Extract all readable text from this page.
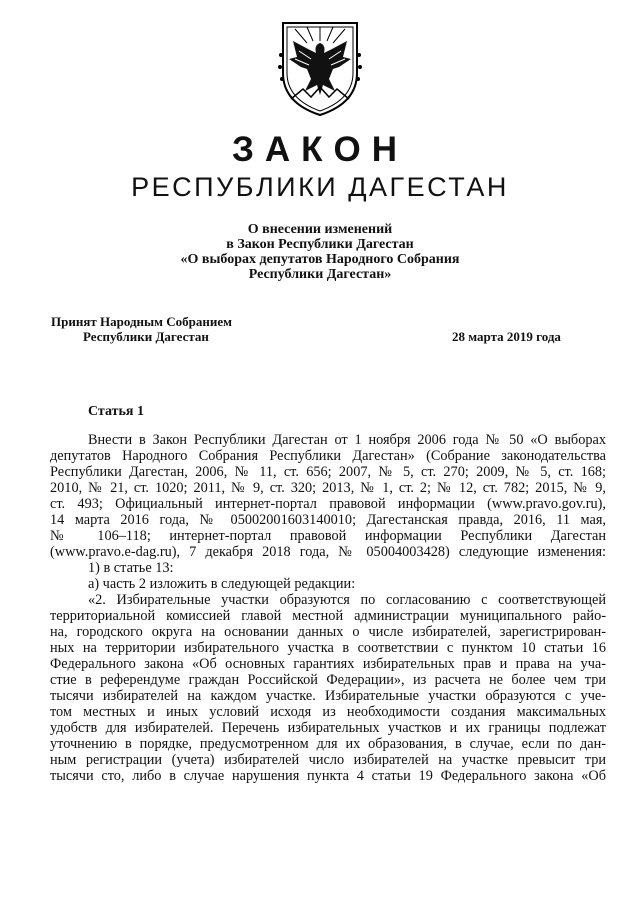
ЗАКОН
РЕСПУБЛИКИ ДАГЕСТАН
О внесении изменений
в Закон Республики Дагестан
«О выборах депутатов Народного Собрания
Республики Дагестан»
Принят Народным Собранием
Республики Дагестан	28 марта 2019 года
Статья 1
Внести в Закон Республики Дагестан от 1 ноября 2006 года № 50 «О выборах
депутатов Народного Собрания Республики Дагестан» (Собрание законодательства
Республики Дагестан, 2006, № 11, ст. 656; 2007, № 5, ст. 270; 2009, № 5, ст. 168;
2010, № 21, ст. 1020; 2011, № 9, ст. 320; 2013, № 1, ст. 2; № 12, ст. 782; 2015, № 9,
ст. 493; Официальный интернет-портал правовой информации (www.pravo.gov.ru),
14 марта 2016 года, № 05002001603140010; Дагестанская правда, 2016, 11 мая,
№ 106–118; интернет-портал правовой информации Республики Дагестан
(www.pravo.e-dag.ru), 7 декабря 2018 года, № 05004003428) следующие изменения:
1) в статье 13:
а) часть 2 изложить в следующей редакции:
«2. Избирательные участки образуются по согласованию с соответствующей
территориальной комиссией главой местной администрации муниципального райо-
на, городского округа на основании данных о числе избирателей, зарегистрирован-
ных на территории избирательного участка в соответствии с пунктом 10 статьи 16
Федерального закона «Об основных гарантиях избирательных прав и права на уча-
стие в референдуме граждан Российской Федерации», из расчета не более чем три
тысячи избирателей на каждом участке. Избирательные участки образуются с уче-
том местных и иных условий исходя из необходимости создания максимальных
удобств для избирателей. Перечень избирательных участков и их границы подлежат
уточнению в порядке, предусмотренном для их образования, в случае, если по дан-
ным регистрации (учета) избирателей число избирателей на участке превысит три
тысячи сто, либо в случае нарушения пункта 4 статьи 19 Федерального закона «Об
